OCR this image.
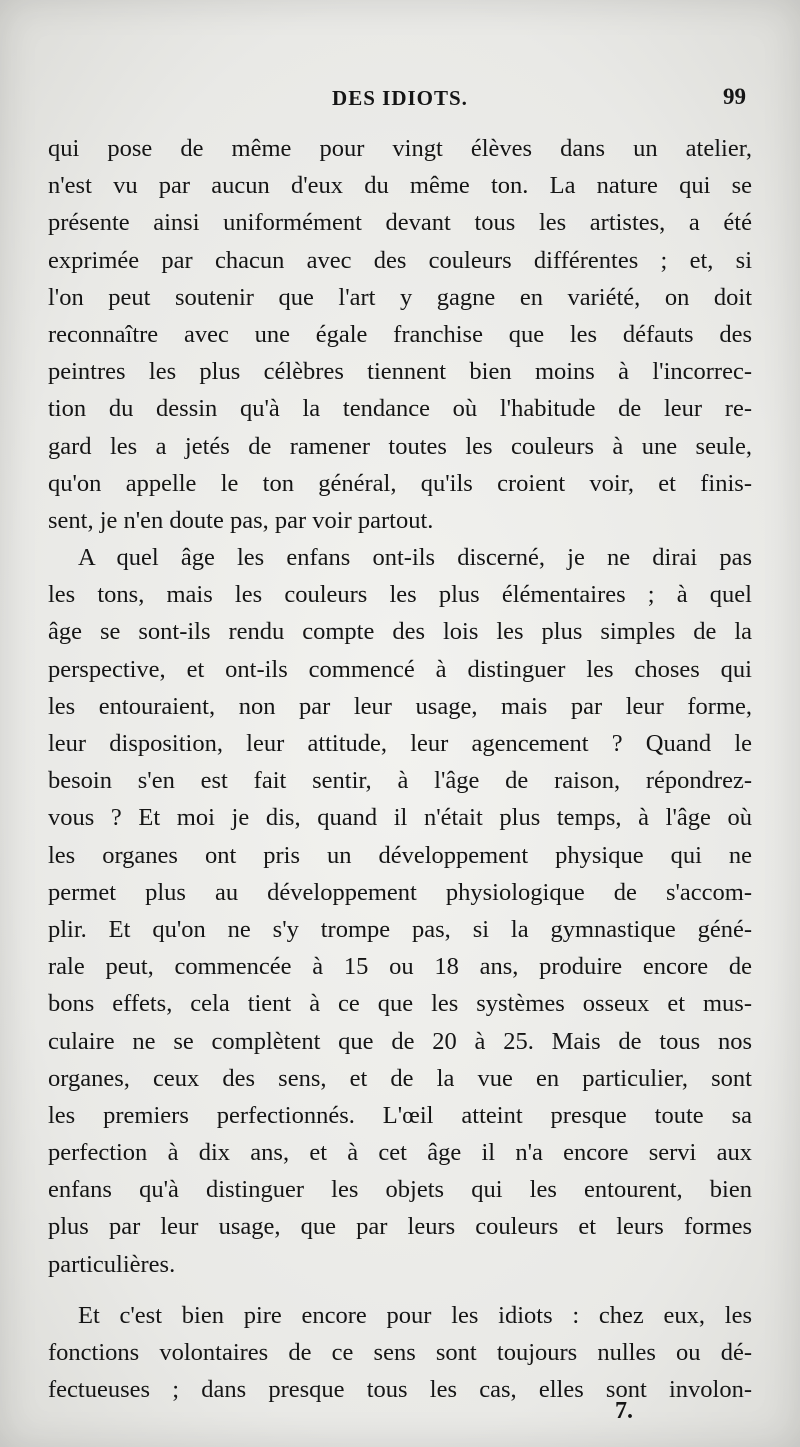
DES IDIOTS.	99
qui pose de même pour vingt élèves dans un atelier,
n'est vu par aucun d'eux du même ton. La nature qui se
présente ainsi uniformément devant tous les artistes, a été
exprimée par chacun avec des couleurs différentes ; et, si
l'on peut soutenir que l'art y gagne en variété, on doit
reconnaître avec une égale franchise que les défauts des
peintres les plus célèbres tiennent bien moins à l'incorrec-
tion du dessin qu'à la tendance où l'habitude de leur re-
gard les a jetés de ramener toutes les couleurs à une seule,
qu'on appelle le ton général, qu'ils croient voir, et finis-
sent, je n'en doute pas, par voir partout.
A quel âge les enfans ont-ils discerné, je ne dirai pas
les tons, mais les couleurs les plus élémentaires ; à quel
âge se sont-ils rendu compte des lois les plus simples de la
perspective, et ont-ils commencé à distinguer les choses qui
les entouraient, non par leur usage, mais par leur forme,
leur disposition, leur attitude, leur agencement ? Quand le
besoin s'en est fait sentir, à l'âge de raison, répondrez-
vous ? Et moi je dis, quand il n'était plus temps, à l'âge où
les organes ont pris un développement physique qui ne
permet plus au développement physiologique de s'accom-
plir. Et qu'on ne s'y trompe pas, si la gymnastique géné-
rale peut, commencée à 15 ou 18 ans, produire encore de
bons effets, cela tient à ce que les systèmes osseux et mus-
culaire ne se complètent que de 20 à 25. Mais de tous nos
organes, ceux des sens, et de la vue en particulier, sont
les premiers perfectionnés. L'œil atteint presque toute sa
perfection à dix ans, et à cet âge il n'a encore servi aux
enfans qu'à distinguer les objets qui les entourent, bien
plus par leur usage, que par leurs couleurs et leurs formes
particulières.
Et c'est bien pire encore pour les idiots : chez eux, les
fonctions volontaires de ce sens sont toujours nulles ou dé-
fectueuses ; dans presque tous les cas, elles sont involon-
7.
